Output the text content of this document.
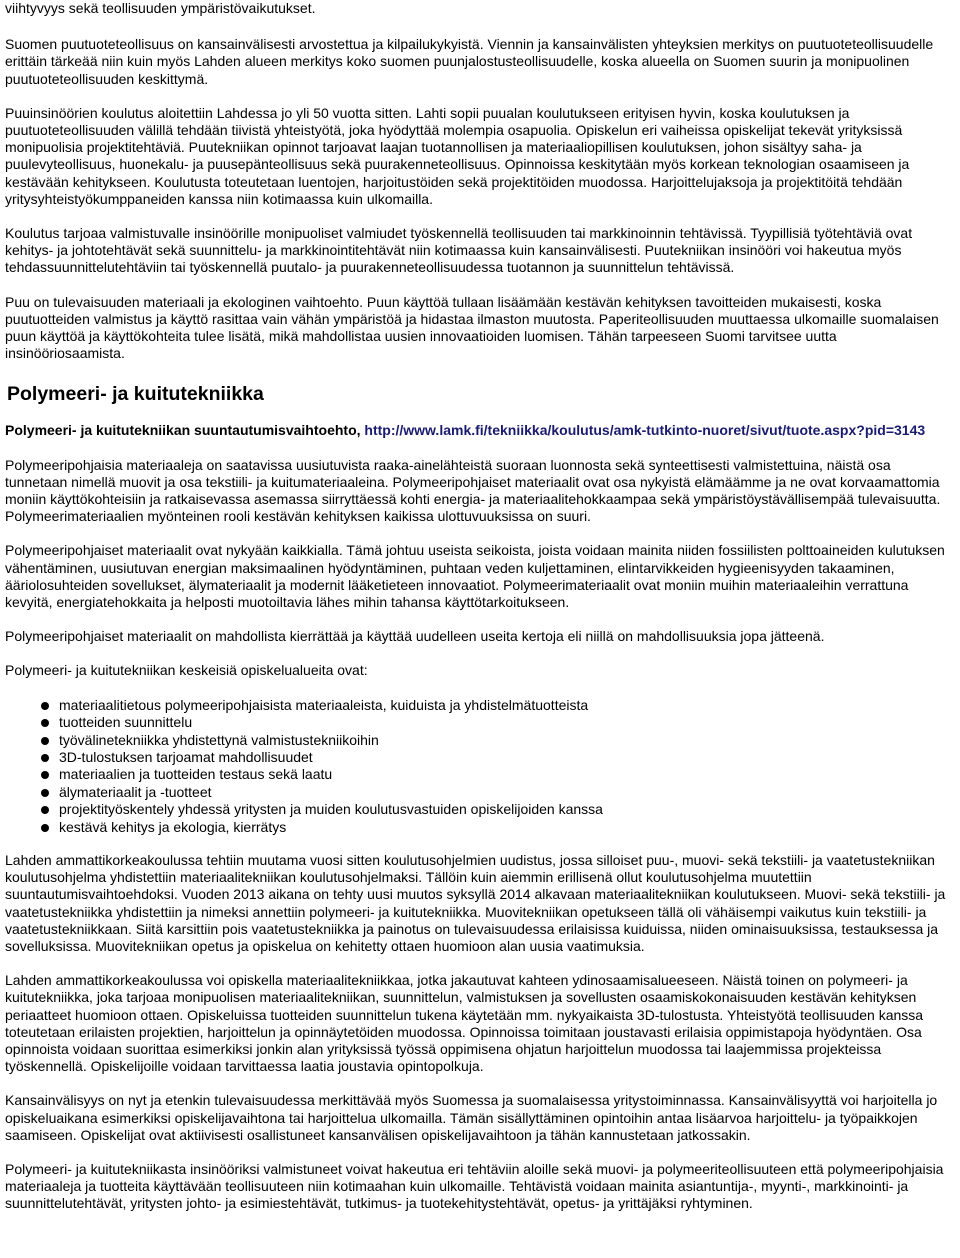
viihtyvyys sekä teollisuuden ympäristövaikutukset.

Suomen puutuoteteollisuus on kansainvälisesti arvostettua ja kilpailukykyistä. Viennin ja kansainvälisten yhteyksien merkitys on puutuoteteollisuudelle erittäin tärkeää niin kuin myös Lahden alueen merkitys koko suomen puunjalostusteollisuudelle, koska alueella on Suomen suurin ja monipuolinen puutuoteteollisuuden keskittymä.

Puuinsinöörien koulutus aloitettiin Lahdessa jo yli 50 vuotta sitten. Lahti sopii puualan koulutukseen erityisen hyvin, koska koulutuksen ja puutuoteteollisuuden välillä tehdään tiivistä yhteistyötä, joka hyödyttää molempia osapuolia. Opiskelun eri vaiheissa opiskelijat tekevät yrityksissä monipuolisia projektitehtäviä. Puutekniikan opinnot tarjoavat laajan tuotannollisen ja materiaaliopillisen koulutuksen, johon sisältyy saha- ja puulevyteollisuus, huonekalu- ja puusepänteollisuus sekä puurakenneteollisuus. Opinnoissa keskitytään myös korkean teknologian osaamiseen ja kestävään kehitykseen. Koulutusta toteutetaan luentojen, harjoitustöiden sekä projektitöiden muodossa. Harjoittelujaksoja ja projektitöitä tehdään yritysyhteistyökumppaneiden kanssa niin kotimaassa kuin ulkomailla.

Koulutus tarjoaa valmistuvalle insinöörille monipuoliset valmiudet työskennellä teollisuuden tai markkinoinnin tehtävissä. Tyypillisiä työtehtäviä ovat kehitys- ja johtotehtävät sekä suunnittelu- ja markkinointitehtävät niin kotimaassa kuin kansainvälisesti. Puutekniikan insinööri voi hakeutua myös tehdassuunnittelutehtäviin tai työskennellä puutalo- ja puurakenneteollisuudessa tuotannon ja suunnittelun tehtävissä.

Puu on tulevaisuuden materiaali ja ekologinen vaihtoehto. Puun käyttöä tullaan lisäämään kestävän kehityksen tavoitteiden mukaisesti, koska puutuotteiden valmistus ja käyttö rasittaa vain vähän ympäristöä ja hidastaa ilmaston muutosta. Paperiteollisuuden muuttaessa ulkomaille suomalaisen puun käyttöä ja käyttökohteita tulee lisätä, mikä mahdollistaa uusien innovaatioiden luomisen. Tähän tarpeeseen Suomi tarvitsee uutta insinööriosaamista.

Polymeeri- ja kuitutekniikka

Polymeeri- ja kuitutekniikan suuntautumisvaihtoehto, http://www.lamk.fi/tekniikka/koulutus/amk-tutkinto-nuoret/sivut/tuote.aspx?pid=3143

Polymeeripohjaisia materiaaleja on saatavissa uusiutuvista raaka-ainelähteistä suoraan luonnosta sekä synteettisesti valmistettuina, näistä osa tunnetaan nimellä muovit ja osa tekstiili- ja kuitumateriaaleina. Polymeeripohjaiset materiaalit ovat osa nykyistä elämäämme ja ne ovat korvaamattomia moniin käyttökohteisiin ja ratkaisevassa asemassa siirryttäessä kohti energia- ja materiaalitehokkaampaa sekä ympäristöystävällisempää tulevaisuutta. Polymeerimateriaalien myönteinen rooli kestävän kehityksen kaikissa ulottuvuuksissa on suuri.

Polymeeripohjaiset materiaalit ovat nykyään kaikkialla. Tämä johtuu useista seikoista, joista voidaan mainita niiden fossiilisten polttoaineiden kulutuksen vähentäminen, uusiutuvan energian maksimaalinen hyödyntäminen, puhtaan veden kuljettaminen, elintarvikkeiden hygieenisyyden takaaminen, ääriolosuhteiden sovellukset, älymateriaalit ja modernit lääketieteen innovaatiot. Polymeerimateriaalit ovat moniin muihin materiaaleihin verrattuna kevyitä, energiatehokkaita ja helposti muotoiltavia lähes mihin tahansa käyttötarkoitukseen.

Polymeeripohjaiset materiaalit on mahdollista kierrättää ja käyttää uudelleen useita kertoja eli niillä on mahdollisuuksia jopa jätteenä.

Polymeeri- ja kuitutekniikan keskeisiä opiskelualueita ovat:

materiaalitietous polymeeripohjaisista materiaaleista, kuiduista ja yhdistelmätuotteista
tuotteiden suunnittelu
työvälinetekniikka yhdistettynä valmistustekniikoihin
3D-tulostuksen tarjoamat mahdollisuudet
materiaalien ja tuotteiden testaus sekä laatu
älymateriaalit ja -tuotteet
projektityöskentely yhdessä yritysten ja muiden koulutusvastuiden opiskelijoiden kanssa
kestävä kehitys ja ekologia, kierrätys

Lahden ammattikorkeakoulussa tehtiin muutama vuosi sitten koulutusohjelmien uudistus, jossa silloiset puu-, muovi- sekä tekstiili- ja vaatetustekniikan koulutusohjelma yhdistettiin materiaalitekniikan koulutusohjelmaksi. Tällöin kuin aiemmin erillisenä ollut koulutusohjelma muutettiin suuntautumisvaihtoehdoksi. Vuoden 2013 aikana on tehty uusi muutos syksyllä 2014 alkavaan materiaalitekniikan koulutukseen. Muovi- sekä tekstiili- ja vaatetustekniikka yhdistettiin ja nimeksi annettiin polymeeri- ja kuitutekniikka. Muovitekniikan opetukseen tällä oli vähäisempi vaikutus kuin tekstiili- ja vaatetustekniikkaan. Siitä karsittiin pois vaatetustekniikka ja painotus on tulevaisuudessa erilaisissa kuiduissa, niiden ominaisuuksissa, testauksessa ja sovelluksissa. Muovitekniikan opetus ja opiskelua on kehitetty ottaen huomioon alan uusia vaatimuksia.

Lahden ammattikorkeakoulussa voi opiskella materiaalitekniikkaa, jotka jakautuvat kahteen ydinosaamisalueeseen. Näistä toinen on polymeeri- ja kuitutekniikka, joka tarjoaa monipuolisen materiaalitekniikan, suunnittelun, valmistuksen ja sovellusten osaamiskokonaisuuden kestävän kehityksen periaatteet huomioon ottaen. Opiskeluissa tuotteiden suunnittelun tukena käytetään mm. nykyaikaista 3D-tulostusta. Yhteistyötä teollisuuden kanssa toteutetaan erilaisten projektien, harjoittelun ja opinnäytetöiden muodossa. Opinnoissa toimitaan joustavasti erilaisia oppimistapoja hyödyntäen. Osa opinnoista voidaan suorittaa esimerkiksi jonkin alan yrityksissä työssä oppimisena ohjatun harjoittelun muodossa tai laajemmissa projekteissa työskennellä. Opiskelijoille voidaan tarvittaessa laatia joustavia opintopolkuja.

Kansainvälisyys on nyt ja etenkin tulevaisuudessa merkittävää myös Suomessa ja suomalaisessa yritystoiminnassa. Kansainvälisyyttä voi harjoitella jo opiskeluaikana esimerkiksi opiskelijavaihtona tai harjoittelua ulkomailla. Tämän sisällyttäminen opintoihin antaa lisäarvoa harjoittelu- ja työpaikkojen saamiseen. Opiskelijat ovat aktiivisesti osallistuneet kansanvälisen opiskelijavaihtoon ja tähän kannustetaan jatkossakin.

Polymeeri- ja kuitutekniikasta insinööriksi valmistuneet voivat hakeutua eri tehtäviin aloille sekä muovi- ja polymeeriteollisuuteen että polymeeripohjaisia materiaaleja ja tuotteita käyttävään teollisuuteen niin kotimaahan kuin ulkomaille. Tehtävistä voidaan mainita asiantuntija-, myynti-, markkinointi- ja suunnittelutehtävät, yritysten johto- ja esimiestehtävät, tutkimus- ja tuotekehitystehtävät, opetus- ja yrittäjäksi ryhtyminen.
